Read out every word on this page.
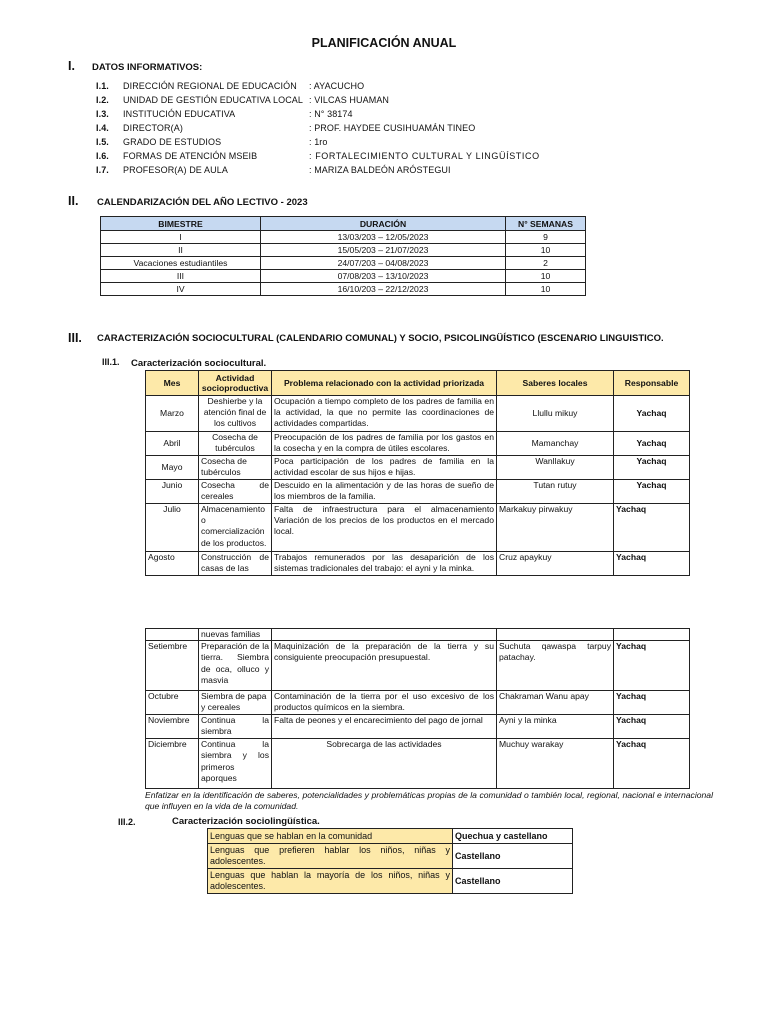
PLANIFICACIÓN ANUAL
I. DATOS INFORMATIVOS:
I.1. DIRECCIÓN REGIONAL DE EDUCACIÓN : AYACUCHO
I.2. UNIDAD DE GESTIÓN EDUCATIVA LOCAL : VILCAS HUAMAN
I.3. INSTITUCIÓN EDUCATIVA	: N° 38174
I.4. DIRECTOR(A)	: PROF. HAYDEE CUSIHUAMÁN TINEO
I.5. GRADO DE ESTUDIOS	: 1ro
I.6. FORMAS DE ATENCIÓN MSEIB	: FORTALECIMIENTO CULTURAL Y LINGÜÍSTICO
I.7. PROFESOR(A) DE AULA	: MARIZA BALDEÓN ARÓSTEGUI
II. CALENDARIZACIÓN DEL AÑO LECTIVO - 2023
BIMESTRE	DURACIÓN	N° SEMANAS
I	13/03/203 – 12/05/2023	9
II	15/05/203 – 21/07/2023	10
Vacaciones estudiantiles	24/07/203 – 04/08/2023	2
III	07/08/203 – 13/10/2023	10
IV	16/10/203 – 22/12/2023	10
III. CARACTERIZACIÓN SOCIOCULTURAL (CALENDARIO COMUNAL) Y SOCIO, PSICOLINGÜÍSTICO (ESCENARIO LINGUISTICO.
III.1. Caracterización sociocultural.
Mes	Actividad socioproductiva	Problema relacionado con la actividad priorizada	Saberes locales	Responsable
Marzo	Deshierbe y la atención final de los cultivos	Ocupación a tiempo completo de los padres de familia en la actividad, la que no permite las coordinaciones de actividades compartidas.	Llullu mikuy	Yachaq
Abril	Cosecha de tubérculos	Preocupación de los padres de familia por los gastos en la cosecha y en la compra de útiles escolares.	Mamanchay	Yachaq
Mayo	Cosecha de tubérculos	Poca participación de los padres de familia en la actividad escolar de sus hijos e hijas.	Wanllakuy	Yachaq
Junio	Cosecha de cereales	Descuido en la alimentación y de las horas de sueño de los miembros de la familia.	Tutan rutuy	Yachaq
Julio	Almacenamiento o comercialización de los productos.	Falta de infraestructura para el almacenamiento Variación de los precios de los productos en el mercado local.	Markakuy pirwakuy	Yachaq
Agosto	Construcción de casas de las	Trabajos remunerados por las desaparición de los sistemas tradicionales del trabajo: el ayni y la minka.	Cruz apaykuy	Yachaq
	nuevas familias			
Setiembre	Preparación de la tierra. Siembra de oca, olluco y masvia	Maquinización de la preparación de la tierra y su consiguiente preocupación presupuestal.	Suchuta qawaspa tarpuy patachay.	Yachaq
Octubre	Siembra de papa y cereales	Contaminación de la tierra por el uso excesivo de los productos químicos en la siembra.	Chakraman Wanu apay	Yachaq
Noviembre	Continua la siembra	Falta de peones y el encarecimiento del pago de jornal	Ayni y la minka	Yachaq
Diciembre	Continua la siembra y los primeros aporques	Sobrecarga de las actividades	Muchuy warakay	Yachaq
Enfatizar en la identificación de saberes, potencialidades y problemáticas propias de la comunidad o también local, regional, nacional e internacional que influyen en la vida de la comunidad.
III.2.	Caracterización sociolingüística.
Lenguas que se hablan en la comunidad	Quechua y castellano
Lenguas que prefieren hablar los niños, niñas y adolescentes.	Castellano
Lenguas que hablan la mayoría de los niños, niñas y adolescentes.	Castellano
